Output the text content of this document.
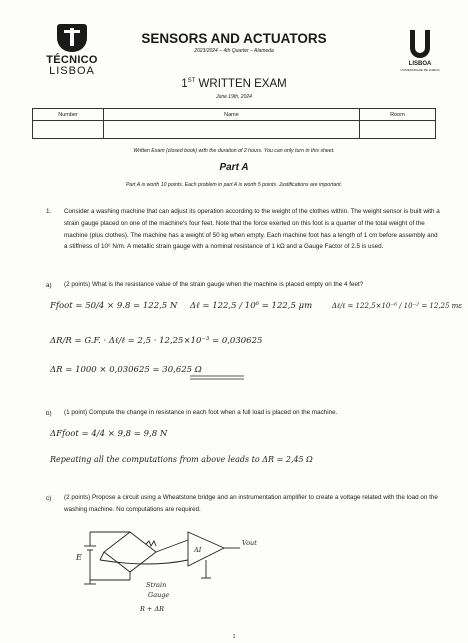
TÉCNICO
LISBOA
SENSORS AND ACTUATORS
2023/2024 – 4th Quarter – Alameda
LISBOA
UNIVERSIDADE DE LISBOA
1ST WRITTEN EXAM
June 19th, 2024
Number	Name	Room

Written Exam (closed book) with the duration of 2 hours. You can only turn in this sheet.
Part A
Part A is worth 10 points. Each problem in part A is worth 5 points. Justifications are important.
1. Consider a washing machine that can adjust its operation according to the weight of the clothes within. The weight sensor is built with a strain gauge placed on one of the machine's four feet. Note that the force exerted on this foot is a quarter of the total weight of the machine (plus clothes). The machine has a weight of 50 kg when empty. Each machine foot has a length of 1 cm before assembly and a stiffness of 10⁶ N/m. A metallic strain gauge with a nominal resistance of 1 kΩ and a Gauge Factor of 2.5 is used.
a) (2 points) What is the resistance value of the strain gauge when the machine is placed empty on the 4 feet?
b) (1 point) Compute the change in resistance in each foot when a full load is placed on the machine.
c) (2 points) Propose a circuit using a Wheatstone bridge and an instrumentation amplifier to create a voltage related with the load on the washing machine. No computations are required.
Ffoot = 50/4 × 9.8 = 122,5 N Δℓ = 122,5 / 10⁶ = 122,5 μm	Δℓ/ℓ = 122,5×10⁻⁶ / 10⁻² = 12,25 mε
ΔR/R = G.F. · Δℓ/ℓ = 2,5 · 12,25×10⁻³ = 0,030625
ΔR = 1000 × 0,030625 = 30,625 Ω
ΔFfoot = 4/4 × 9,8 = 9,8 N
Repeating all the computations from above leads to ΔR = 2,45 Ω
E
AI
Vout
Strain
Gauge
R + ΔR
1
